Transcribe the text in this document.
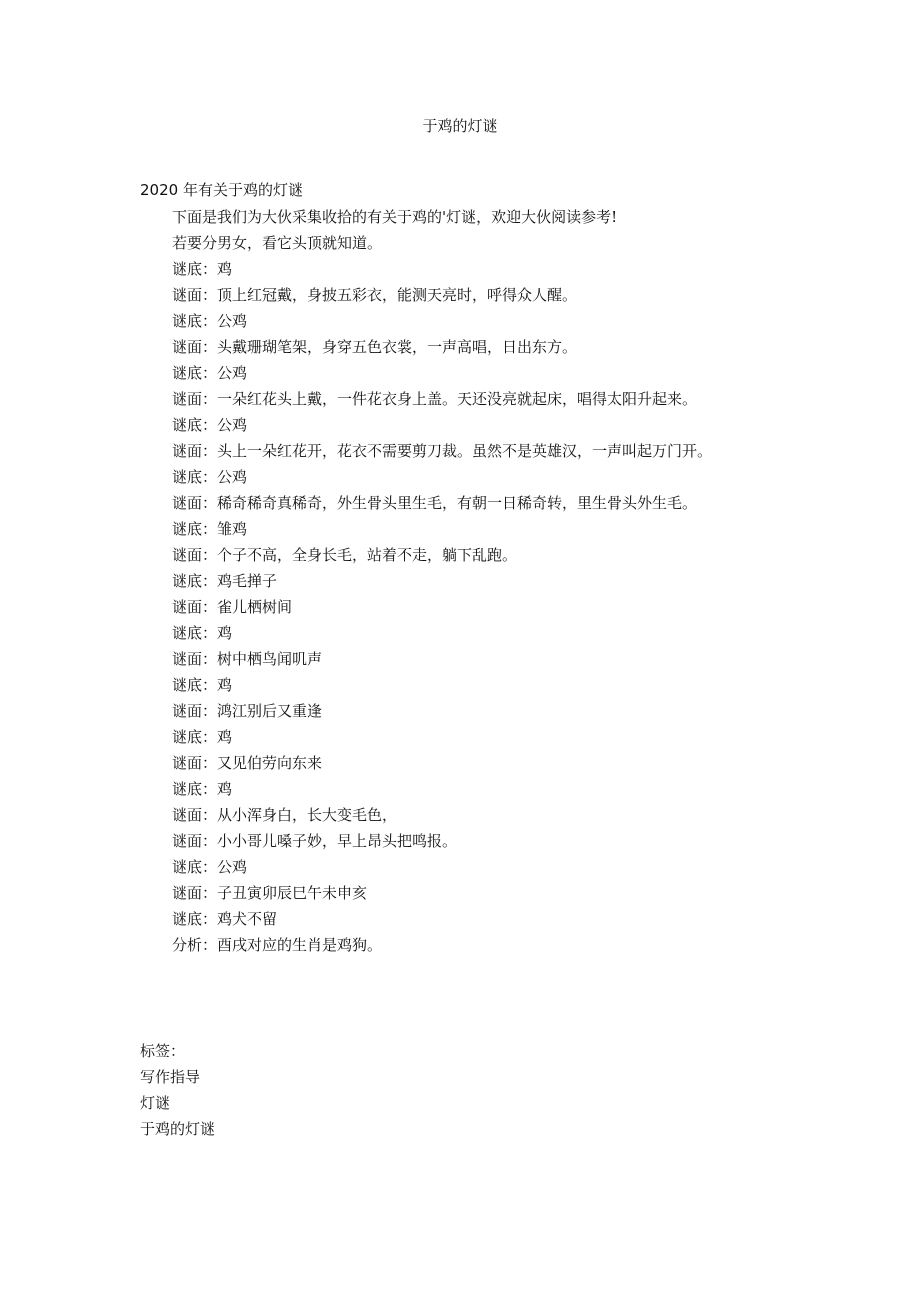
于鸡的灯谜
2020 年有关于鸡的灯谜
下面是我们为大伙采集收拾的有关于鸡的'灯谜，欢迎大伙阅读参考!
若要分男女，看它头顶就知道。
谜底：鸡
谜面：顶上红冠戴，身披五彩衣，能测天亮时，呼得众人醒。
谜底：公鸡
谜面：头戴珊瑚笔架，身穿五色衣裳，一声高唱，日出东方。
谜底：公鸡
谜面：一朵红花头上戴，一件花衣身上盖。天还没亮就起床，唱得太阳升起来。
谜底：公鸡
谜面：头上一朵红花开，花衣不需要剪刀裁。虽然不是英雄汉，一声叫起万门开。
谜底：公鸡
谜面：稀奇稀奇真稀奇，外生骨头里生毛，有朝一日稀奇转，里生骨头外生毛。
谜底：雏鸡
谜面：个子不高，全身长毛，站着不走，躺下乱跑。
谜底：鸡毛掸子
谜面：雀儿栖树间
谜底：鸡
谜面：树中栖鸟闻叽声
谜底：鸡
谜面：鸿江别后又重逢
谜底：鸡
谜面：又见伯劳向东来
谜底：鸡
谜面：从小浑身白，长大变毛色，
谜面：小小哥儿嗓子妙，早上昂头把鸣报。
谜底：公鸡
谜面：子丑寅卯辰巳午未申亥
谜底：鸡犬不留
分析：酉戌对应的生肖是鸡狗。
标签：
写作指导
灯谜
于鸡的灯谜
